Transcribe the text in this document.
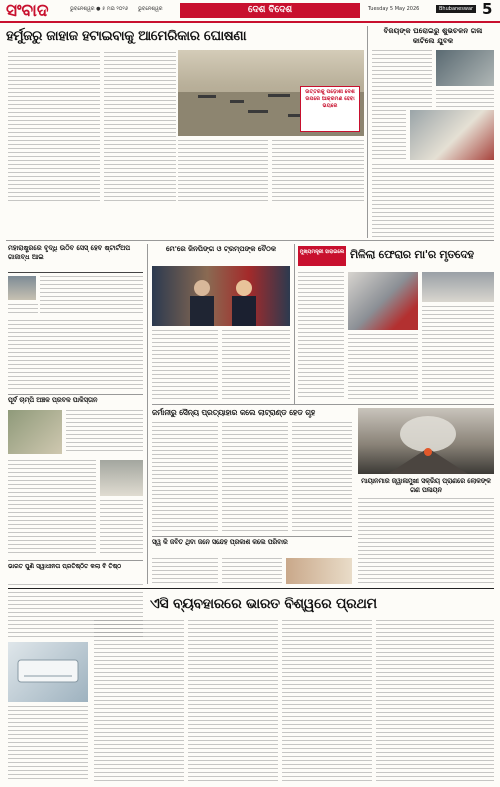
ସଂବାଦ	ଭୁବନେଶ୍ୱର ● ୫ ମଇ ୨୦୨୬ ଭୁବନେଶ୍ୱର	ଦେଶ ବିଦେଶ	Tuesday 5 May 2026	Bhubaneswar 5
ହର୍ମୁଜରୁ ଜାହାଜ ହଟାଇବାକୁ ଆମେରିକାର ଘୋଷଣା
ଉତ୍ତରକୁ ପଡ଼ୋଶୀ ଦେଶ ଉପରେ ଆକ୍ରମଣ ହେବା ଭୟରେ
ବିଜୟଙ୍କ ଘରୋଇରୁ ଶୁଭଚଳନ ଗଳା କାଟିଲେ ଯୁବକ
ମହାରାଷ୍ଟ୍ରରେ ବୃଦ୍ଧି ଉଠିବ ସେସ୍‌ ହେବ ଷ୍ଟାର୍ଟଅପ ଗାଜାବ୍ଧ ଆଇ
ମେ'ରେ ଜିନପିଙ୍ଗ ଓ ଟ୍ରମ୍ପଙ୍କ ବୈଠକ	ମୁଖ୍ୟମନ୍ତ୍ରୀ ହାରାଇଲେ ମିଳିଲା ଫେରାର ମା'ର ମୃତଦେହ
ଜର୍ମାନୀରୁ ସୈନ୍ୟ ପ୍ରତ୍ୟାହାର କଲେ ଲାଟ୍ରାଣ୍ଡ ହେଡ ଗୃହ
ମାୟାନମାର ଜ୍ୱାଳାମୁଖୀ ସକ୍ରିୟ ପ୍ରାଣରେ ଲୋକଙ୍କ ଗଣ ପଳାୟନ
ପୂର୍ବ ଚାମ୍ପି ଅଞ୍ଚଳ ପ୍ରବଳ ପାକିସ୍ତାନ
ସ୍ୱ କି ଜବିତ ଥିବା ଜନେ ସନ୍ଦେହ ପ୍ରକାଶ କଲେ ପରିବାର
ଭାରତ ପୁଣି ସ୍ୱାଧୀନତା ପ୍ରତିଷ୍ଠିତ କଲା ବି ତିଷ୍ଠ
ଏସି ବ୍ୟବହାରରେ ଭାରତ ବିଶ୍ୱରେ ପ୍ରଥମ
